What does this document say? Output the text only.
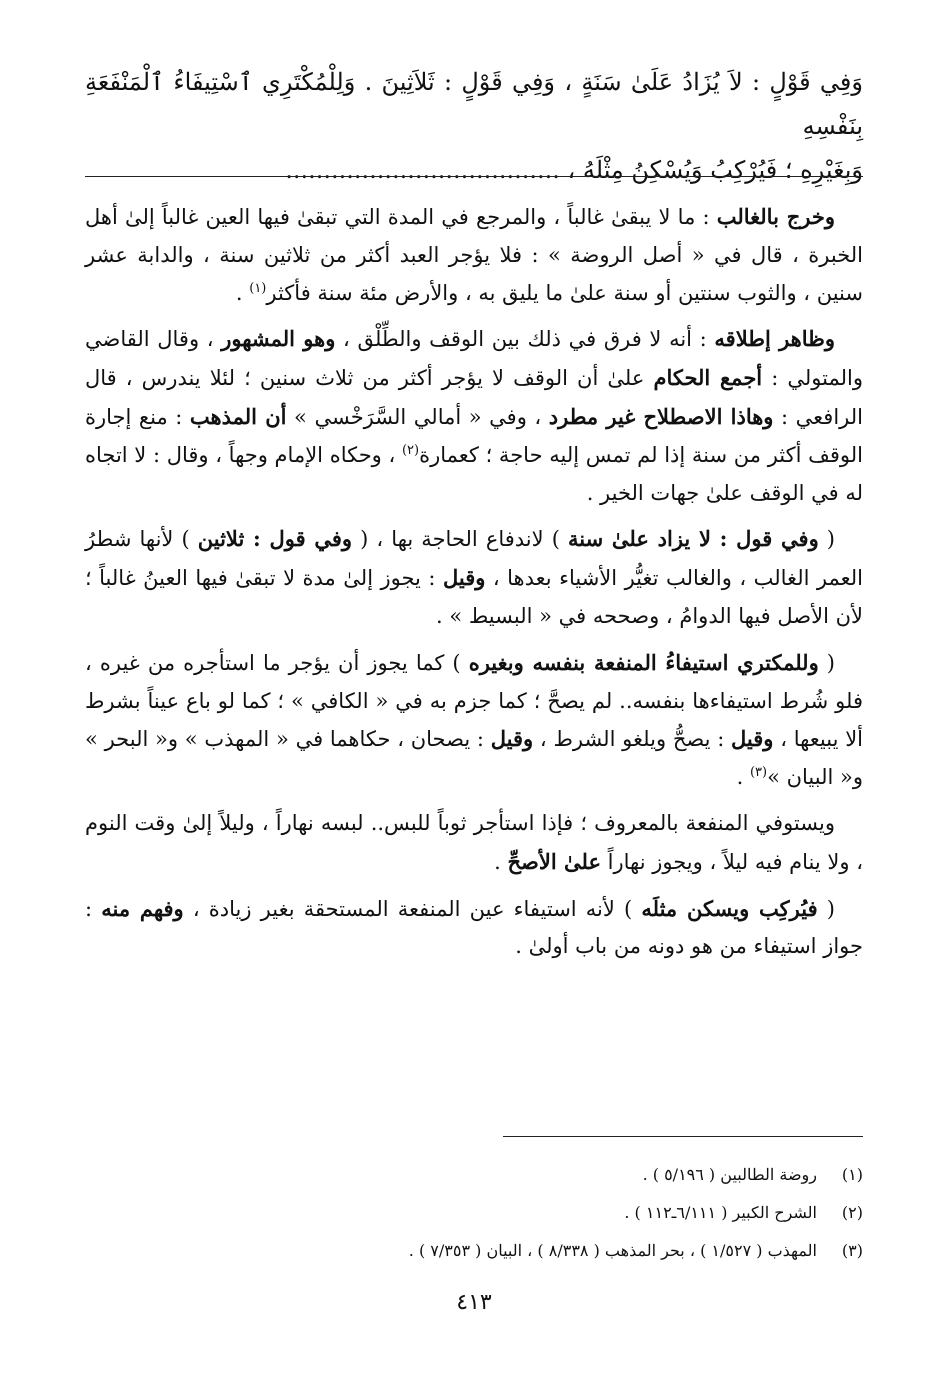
وَفِي قَوْلٍ : لاَ يُزَادُ عَلَىٰ سَنَةٍ ، وَفِي قَوْلٍ : ثَلاَثِينَ . وَلِلْمُكْتَرِي ٱسْتِيفَاءُ ٱلْمَنْفَعَةِ بِنَفْسِهِ
وَبِغَيْرِهِ ؛ فَيُرْكِبُ وَيُسْكِنُ مِثْلَهُ ، ....................................

وخرج بالغالب : ما لا يبقىٰ غالباً ، والمرجع في المدة التي تبقىٰ فيها العين غالباً إلىٰ أهل الخبرة ، قال في « أصل الروضة » : فلا يؤجر العبد أكثر من ثلاثين سنة ، والدابة عشر سنين ، والثوب سنتين أو سنة علىٰ ما يليق به ، والأرض مئة سنة فأكثر$^{(١)}$ .

وظاهر إطلاقه : أنه لا فرق في ذلك بين الوقف والطِّلْق ، وهو المشهور ، وقال القاضي والمتولي : أجمع الحكام علىٰ أن الوقف لا يؤجر أكثر من ثلاث سنين ؛ لئلا يندرس ، قال الرافعي : وهاذا الاصطلاح غير مطرد ، وفي « أمالي السَّرَخْسي » أن المذهب : منع إجارة الوقف أكثر من سنة إذا لم تمس إليه حاجة ؛ كعمارة$^{(٢)}$ ، وحكاه الإمام وجهاً ، وقال : لا اتجاه له في الوقف علىٰ جهات الخير .

( وفي قول : لا يزاد علىٰ سنة ) لاندفاع الحاجة بها ، ( وفي قول : ثلاثين ) لأنها شطرُ العمر الغالب ، والغالب تغيُّر الأشياء بعدها ، وقيل : يجوز إلىٰ مدة لا تبقىٰ فيها العينُ غالباً ؛ لأن الأصل فيها الدوامُ ، وصححه في « البسيط » .

( وللمكتري استيفاءُ المنفعة بنفسه وبغيره ) كما يجوز أن يؤجر ما استأجره من غيره ، فلو شُرط استيفاءها بنفسه.. لم يصحَّ ؛ كما جزم به في « الكافي » ؛ كما لو باع عيناً بشرط ألا يبيعها ، وقيل : يصحُّ ويلغو الشرط ، وقيل : يصحان ، حكاهما في « المهذب » و« البحر » و« البيان »$^{(٣)}$ .

ويستوفي المنفعة بالمعروف ؛ فإذا استأجر ثوباً للبس.. لبسه نهاراً ، وليلاً إلىٰ وقت النوم ، ولا ينام فيه ليلاً ، ويجوز نهاراً علىٰ الأصحِّ .

( فيُركِب ويسكن مثلَه ) لأنه استيفاء عين المنفعة المستحقة بغير زيادة ، وفهم منه : جواز استيفاء من هو دونه من باب أولىٰ .

(١)روضة الطالبين ( ٥/١٩٦ ) .
(٢)الشرح الكبير ( ٦/١١١ـ١١٢ ) .
(٣)المهذب ( ١/٥٢٧ ) ، بحر المذهب ( ٨/٣٣٨ ) ، البيان ( ٧/٣٥٣ ) .
٤١٣
